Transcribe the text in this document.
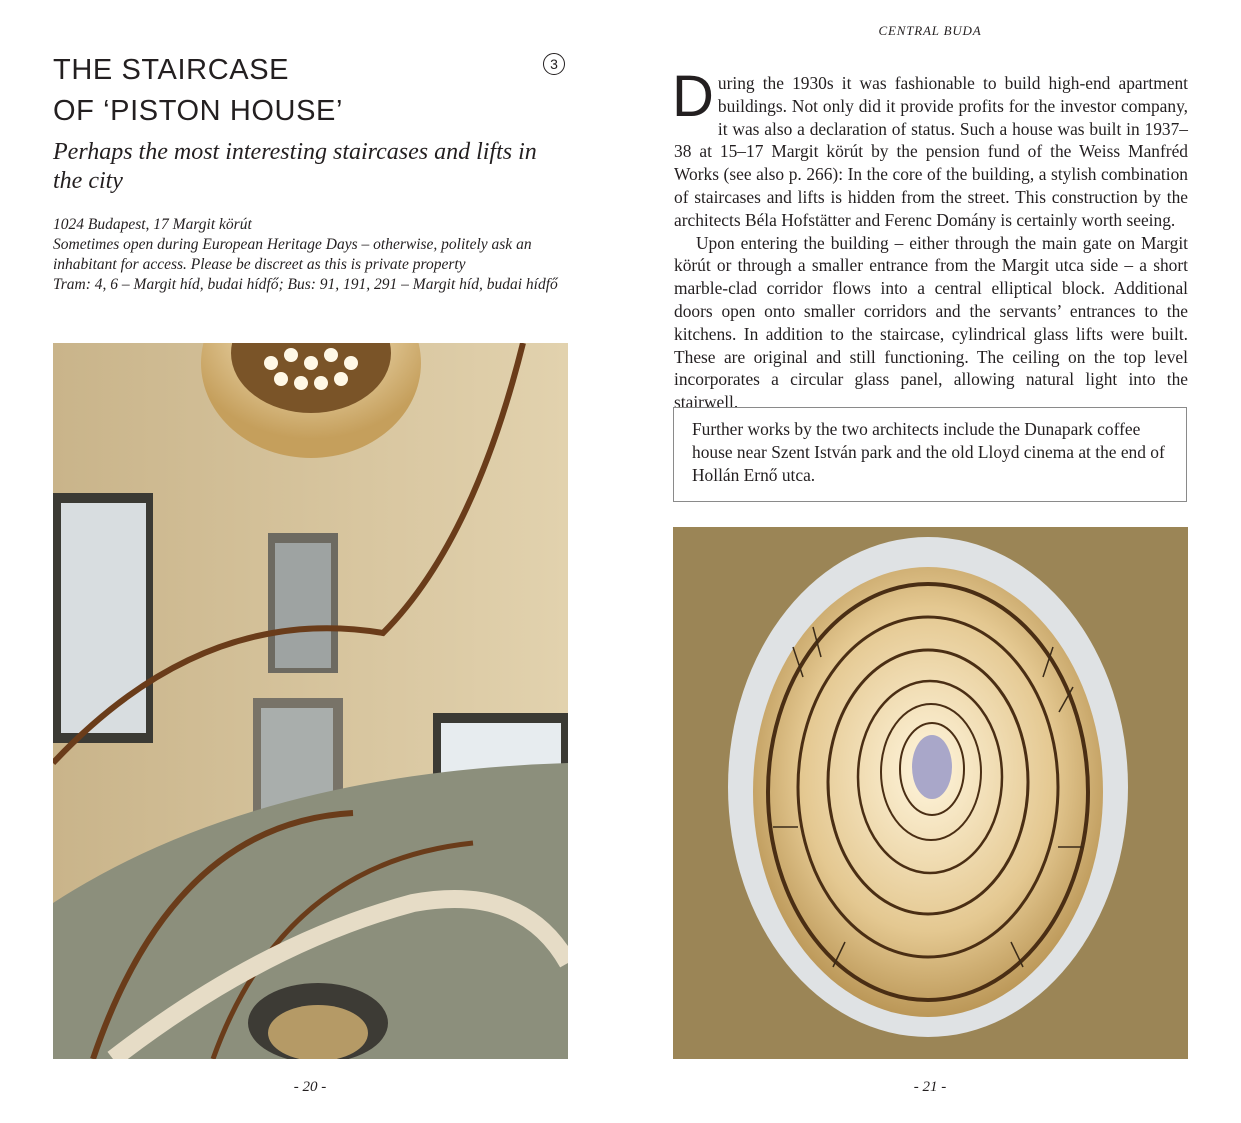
CENTRAL BUDA
THE STAIRCASE
OF ‘PISTON HOUSE’
3
Perhaps the most interesting staircases and lifts in the city
1024 Budapest, 17 Margit körút
Sometimes open during European Heritage Days – otherwise, politely ask an inhabitant for access. Please be discreet as this is private property
Tram: 4, 6 – Margit híd, budai hídfő; Bus: 91, 191, 291 – Margit híd, budai hídfő
- 20 -

During the 1930s it was fashionable to build high-end apartment buildings. Not only did it provide profits for the investor company, it was also a declaration of status. Such a house was built in 1937–38 at 15–17 Margit körút by the pension fund of the Weiss Manfréd Works (see also p. 266): In the core of the building, a stylish combination of staircases and lifts is hidden from the street. This construction by the architects Béla Hofstätter and Ferenc Domány is certainly worth seeing.

Upon entering the building – either through the main gate on Margit körút or through a smaller entrance from the Margit utca side – a short marble-clad corridor flows into a central elliptical block. Additional doors open onto smaller corridors and the servants’ entrances to the kitchens. In addition to the staircase, cylindrical glass lifts were built. These are original and still functioning. The ceiling on the top level incorporates a circular glass panel, allowing natural light into the stairwell.

Further works by the two architects include the Dunapark coffee house near Szent István park and the old Lloyd cinema at the end of Hollán Ernő utca.
- 21 -
